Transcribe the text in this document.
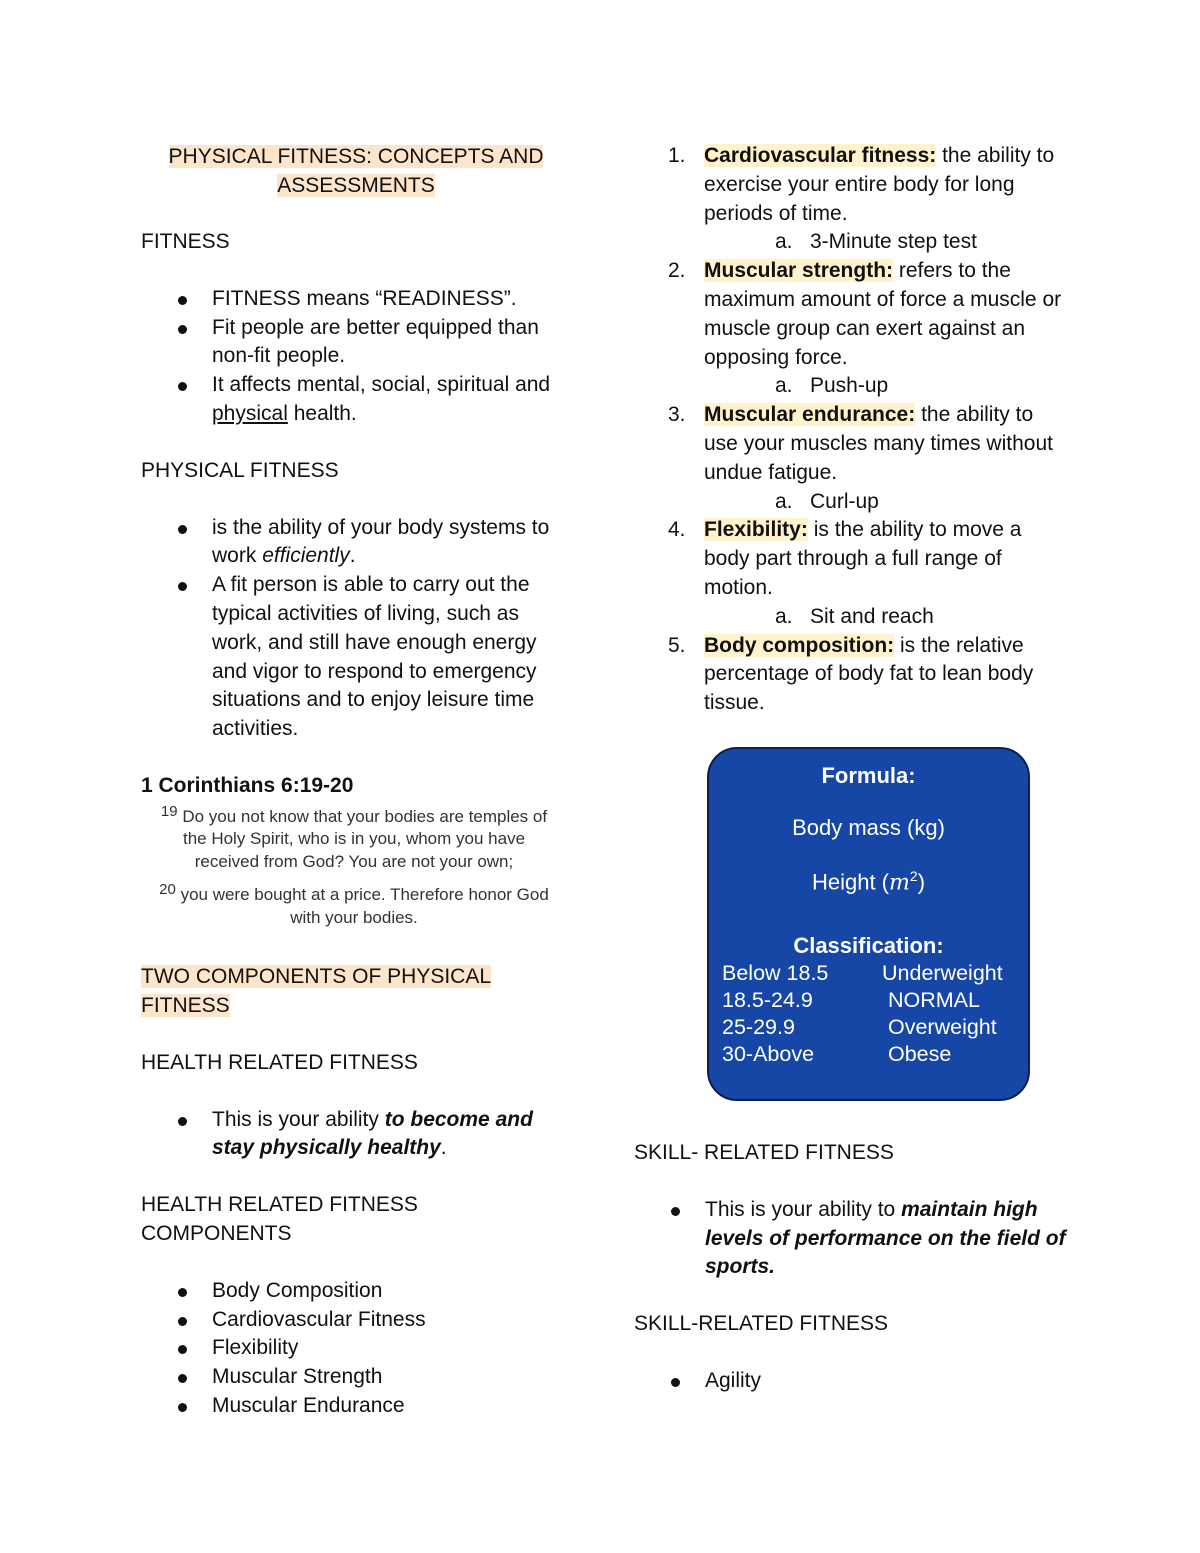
PHYSICAL FITNESS: CONCEPTS AND
ASSESSMENTS

FITNESS

FITNESS means “READINESS”.
Fit people are better equipped than non-fit people.
It affects mental, social, spiritual and physical health.

PHYSICAL FITNESS

is the ability of your body systems to work efficiently.
A fit person is able to carry out the typical activities of living, such as work, and still have enough energy and vigor to respond to emergency situations and to enjoy leisure time activities.

1 Corinthians 6:19-20

$^{19}$ Do you not know that your bodies are temples of the Holy Spirit, who is in you, whom you have received from God? You are not your own;

$^{20}$ you were bought at a price. Therefore honor God with your bodies.

TWO COMPONENTS OF PHYSICAL FITNESS

HEALTH RELATED FITNESS

This is your ability to become and stay physically healthy.

HEALTH RELATED FITNESS COMPONENTS

Body Composition
Cardiovascular Fitness
Flexibility
Muscular Strength
Muscular Endurance
1. Cardiovascular fitness: the ability to exercise your entire body for long periods of time.
a. 3-Minute step test
2. Muscular strength: refers to the maximum amount of force a muscle or muscle group can exert against an opposing force.
a. Push-up
3. Muscular endurance: the ability to use your muscles many times without undue fatigue.
a. Curl-up
4. Flexibility: is the ability to move a body part through a full range of motion.
a. Sit and reach
5. Body composition: is the relative percentage of body fat to lean body tissue.
Formula:
Body mass (kg)
Height $(m^2)$
Classification:
Below 18.5 Underweight
18.5-24.9	NORMAL
25-29.9	Overweight
30-Above	Obese

SKILL- RELATED FITNESS

This is your ability to maintain high levels of performance on the field of sports.

SKILL-RELATED FITNESS

Agility
